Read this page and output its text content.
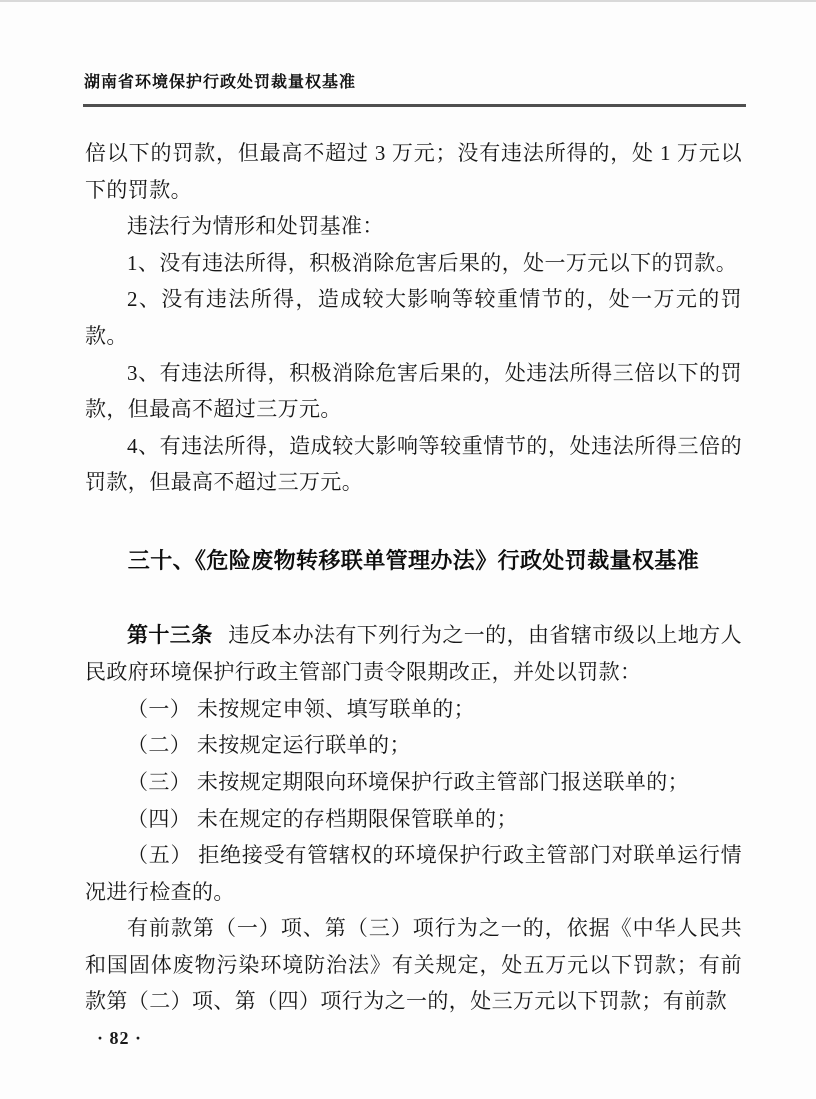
湖南省环境保护行政处罚裁量权基准

倍以下的罚款，但最高不超过 3 万元；没有违法所得的，处 1 万元以下的罚款。

违法行为情形和处罚基准：

1、没有违法所得，积极消除危害后果的，处一万元以下的罚款。

2、没有违法所得，造成较大影响等较重情节的，处一万元的罚款。

3、有违法所得，积极消除危害后果的，处违法所得三倍以下的罚款，但最高不超过三万元。

4、有违法所得，造成较大影响等较重情节的，处违法所得三倍的罚款，但最高不超过三万元。

三十、《危险废物转移联单管理办法》行政处罚裁量权基准

第十三条 违反本办法有下列行为之一的，由省辖市级以上地方人民政府环境保护行政主管部门责令限期改正，并处以罚款：

（一） 未按规定申领、填写联单的；

（二） 未按规定运行联单的；

（三） 未按规定期限向环境保护行政主管部门报送联单的；

（四） 未在规定的存档期限保管联单的；

（五） 拒绝接受有管辖权的环境保护行政主管部门对联单运行情况进行检查的。

有前款第（一）项、第（三）项行为之一的，依据《中华人民共和国固体废物污染环境防治法》有关规定，处五万元以下罚款；有前款第（二）项、第（四）项行为之一的，处三万元以下罚款；有前款

· 82 ·
